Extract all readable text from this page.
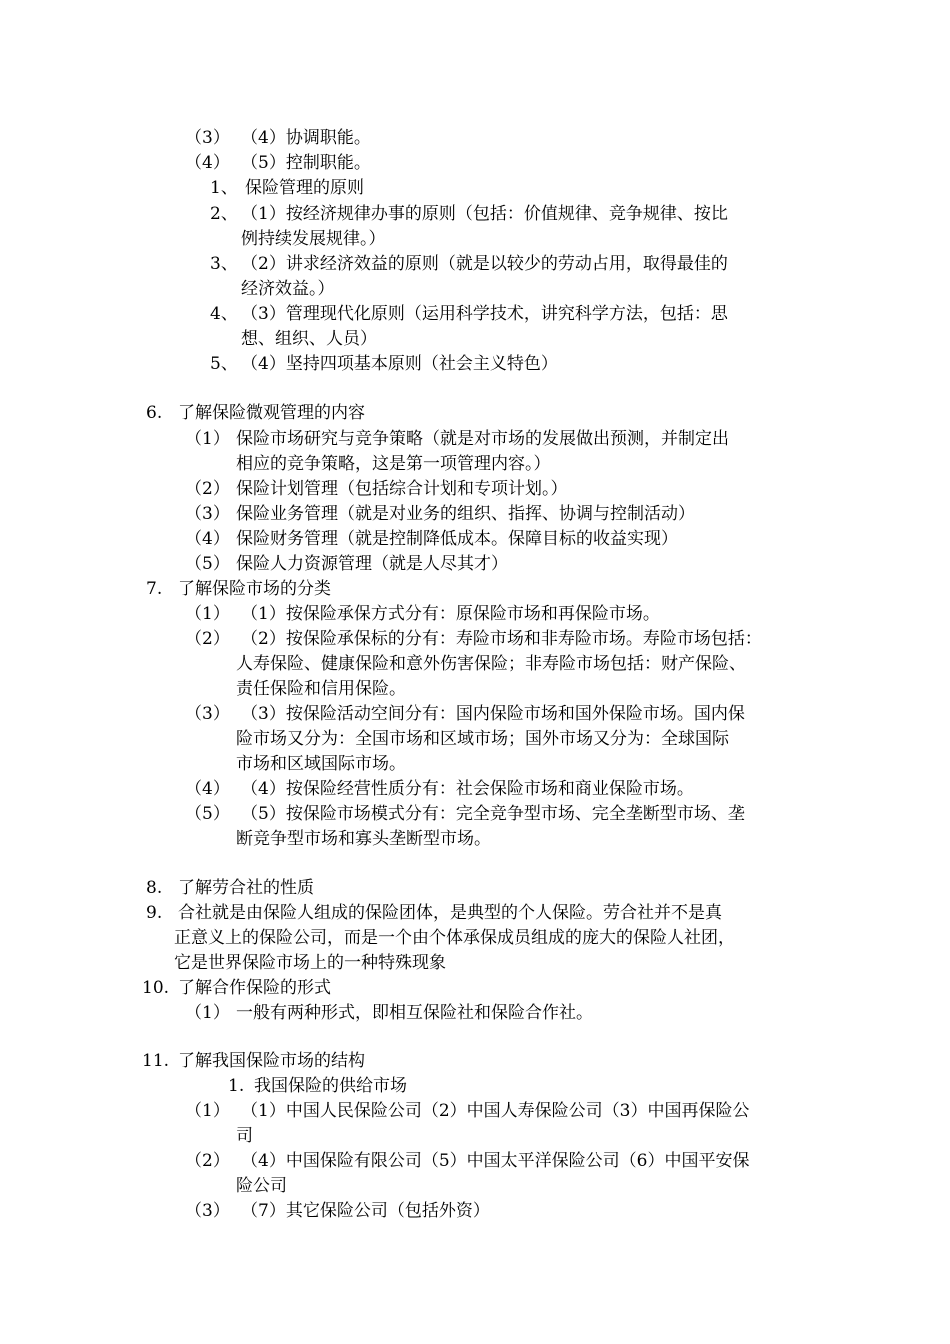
（3） （4）协调职能。
（4） （5）控制职能。
1、 保险管理的原则
2、 （1）按经济规律办事的原则（包括：价值规律、竞争规律、按比
例持续发展规律。）
3、 （2）讲求经济效益的原则（就是以较少的劳动占用，取得最佳的
经济效益。）
4、 （3）管理现代化原则（运用科学技术，讲究科学方法，包括：思
想、组织、人员）
5、 （4）坚持四项基本原则（社会主义特色）
6. 了解保险微观管理的内容
（1） 保险市场研究与竞争策略（就是对市场的发展做出预测，并制定出
相应的竞争策略，这是第一项管理内容。）
（2） 保险计划管理（包括综合计划和专项计划。）
（3） 保险业务管理（就是对业务的组织、指挥、协调与控制活动）
（4） 保险财务管理（就是控制降低成本。保障目标的收益实现）
（5） 保险人力资源管理（就是人尽其才）
7. 了解保险市场的分类
（1） （1）按保险承保方式分有：原保险市场和再保险市场。
（2） （2）按保险承保标的分有：寿险市场和非寿险市场。寿险市场包括：
人寿保险、健康保险和意外伤害保险；非寿险市场包括：财产保险、
责任保险和信用保险。
（3） （3）按保险活动空间分有：国内保险市场和国外保险市场。国内保
险市场又分为：全国市场和区域市场；国外市场又分为：全球国际
市场和区域国际市场。
（4） （4）按保险经营性质分有：社会保险市场和商业保险市场。
（5） （5）按保险市场模式分有：完全竞争型市场、完全垄断型市场、垄
断竞争型市场和寡头垄断型市场。
8. 了解劳合社的性质
9. 合社就是由保险人组成的保险团体，是典型的个人保险。劳合社并不是真
正意义上的保险公司，而是一个由个体承保成员组成的庞大的保险人社团，
它是世界保险市场上的一种特殊现象
10. 了解合作保险的形式
（1） 一般有两种形式，即相互保险社和保险合作社。
11. 了解我国保险市场的结构
1. 我国保险的供给市场
（1） （1）中国人民保险公司（2）中国人寿保险公司（3）中国再保险公
司
（2） （4）中国保险有限公司（5）中国太平洋保险公司（6）中国平安保
险公司
（3） （7）其它保险公司（包括外资）
